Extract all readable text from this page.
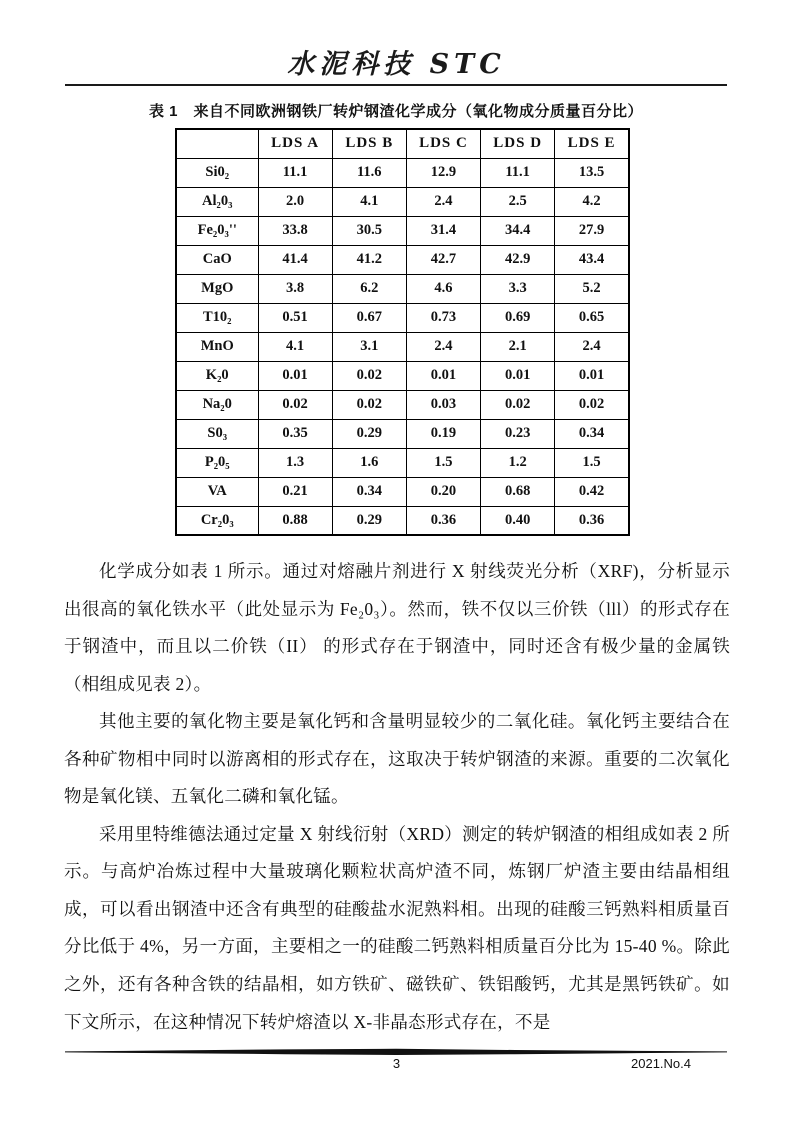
水泥科技 STC
表 1　来自不同欧洲钢铁厂转炉钢渣化学成分（氧化物成分质量百分比）
	LDS A	LDS B	LDS C	LDS D	LDS E
Si0₂	11.1	11.6	12.9	11.1	13.5
Al₂0₃	2.0	4.1	2.4	2.5	4.2
Fe₂0₃''	33.8	30.5	31.4	34.4	27.9
CaO	41.4	41.2	42.7	42.9	43.4
MgO	3.8	6.2	4.6	3.3	5.2
T10₂	0.51	0.67	0.73	0.69	0.65
MnO	4.1	3.1	2.4	2.1	2.4
K₂0	0.01	0.02	0.01	0.01	0.01
Na₂0	0.02	0.02	0.03	0.02	0.02
S0₃	0.35	0.29	0.19	0.23	0.34
P₂0₅	1.3	1.6	1.5	1.2	1.5
VA	0.21	0.34	0.20	0.68	0.42
Cr₂0₃	0.88	0.29	0.36	0.40	0.36

化学成分如表 1 所示。通过对熔融片剂进行 X 射线荧光分析（XRF)，分析显示出很高的氧化铁水平（此处显示为 Fe₂0₃）。然而，铁不仅以三价铁（lll）的形式存在于钢渣中，而且以二价铁（II） 的形式存在于钢渣中，同时还含有极少量的金属铁（相组成见表 2）。

其他主要的氧化物主要是氧化钙和含量明显较少的二氧化硅。氧化钙主要结合在各种矿物相中同时以游离相的形式存在，这取决于转炉钢渣的来源。重要的二次氧化物是氧化镁、五氧化二磷和氧化锰。

采用里特维德法通过定量 X 射线衍射（XRD）测定的转炉钢渣的相组成如表 2 所示。与高炉冶炼过程中大量玻璃化颗粒状高炉渣不同，炼钢厂炉渣主要由结晶相组成，可以看出钢渣中还含有典型的硅酸盐水泥熟料相。出现的硅酸三钙熟料相质量百分比低于 4%，另一方面，主要相之一的硅酸二钙熟料相质量百分比为 15-40 %。除此之外，还有各种含铁的结晶相，如方铁矿、磁铁矿、铁铝酸钙，尤其是黑钙铁矿。如下文所示，在这种情况下转炉熔渣以 X-非晶态形式存在，不是

3	2021.No.4
